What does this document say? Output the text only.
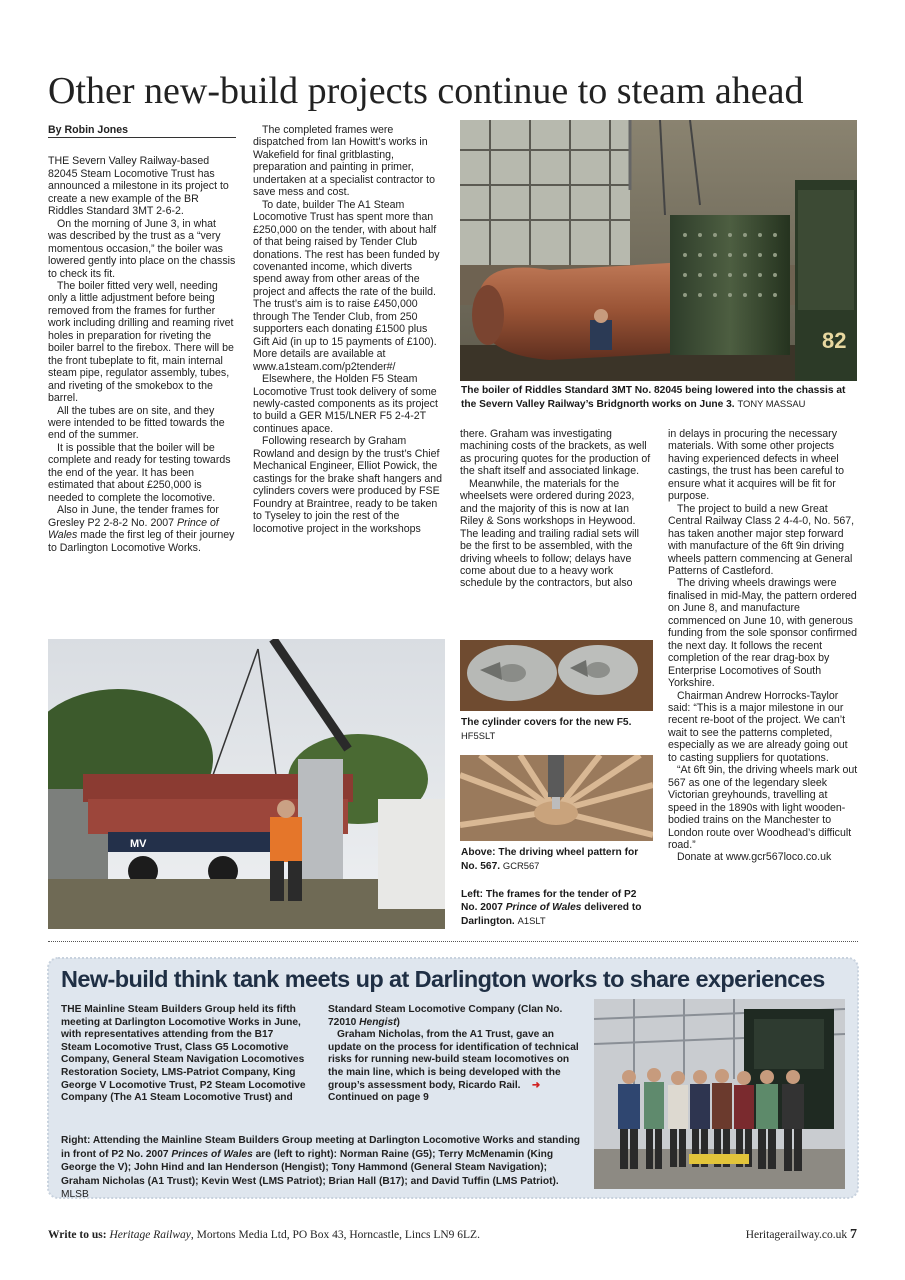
Other new-build projects continue to steam ahead
By Robin Jones

THE Severn Valley Railway-based 82045 Steam Locomotive Trust has announced a milestone in its project to create a new example of the BR Riddles Standard 3MT 2-6-2.

On the morning of June 3, in what was described by the trust as a “very momentous occasion,” the boiler was lowered gently into place on the chassis to check its fit.

The boiler fitted very well, needing only a little adjustment before being removed from the frames for further work including drilling and reaming rivet holes in preparation for riveting the boiler barrel to the firebox. There will be the front tubeplate to fit, main internal steam pipe, regulator assembly, tubes, and riveting of the smokebox to the barrel.

All the tubes are on site, and they were intended to be fitted towards the end of the summer.

It is possible that the boiler will be complete and ready for testing towards the end of the year. It has been estimated that about £250,000 is needed to complete the locomotive.

Also in June, the tender frames for Gresley P2 2-8-2 No. 2007 Prince of Wales made the first leg of their journey to Darlington Locomotive Works.

The completed frames were dispatched from Ian Howitt’s works in Wakefield for final gritblasting, preparation and painting in primer, undertaken at a specialist contractor to save mess and cost.

To date, builder The A1 Steam Locomotive Trust has spent more than £250,000 on the tender, with about half of that being raised by Tender Club donations. The rest has been funded by covenanted income, which diverts spend away from other areas of the project and affects the rate of the build. The trust’s aim is to raise £450,000 through The Tender Club, from 250 supporters each donating £1500 plus Gift Aid (in up to 15 payments of £100). More details are available at www.a1steam.com/p2tender#/

Elsewhere, the Holden F5 Steam Locomotive Trust took delivery of some newly-casted components as its project to build a GER M15/LNER F5 2-4-2T continues apace.

Following research by Graham Rowland and design by the trust’s Chief Mechanical Engineer, Elliot Powick, the castings for the brake shaft hangers and cylinders covers were produced by FSE Foundry at Braintree, ready to be taken to Tyseley to join the rest of the locomotive project in the workshops

82
The boiler of Riddles Standard 3MT No. 82045 being lowered into the chassis at the Severn Valley Railway’s Bridgnorth works on June 3. TONY MASSAU

there. Graham was investigating machining costs of the brackets, as well as procuring quotes for the production of the shaft itself and associated linkage.

Meanwhile, the materials for the wheelsets were ordered during 2023, and the majority of this is now at Ian Riley & Sons workshops in Heywood. The leading and trailing radial sets will be the first to be assembled, with the driving wheels to follow; delays have come about due to a heavy work schedule by the contractors, but also

in delays in procuring the necessary materials. With some other projects having experienced defects in wheel castings, the trust has been careful to ensure what it acquires will be fit for purpose.

The project to build a new Great Central Railway Class 2 4-4-0, No. 567, has taken another major step forward with manufacture of the 6ft 9in driving wheels pattern commencing at General Patterns of Castleford.

The driving wheels drawings were finalised in mid-May, the pattern ordered on June 8, and manufacture commenced on June 10, with generous funding from the sole sponsor confirmed the next day. It follows the recent completion of the rear drag-box by Enterprise Locomotives of South Yorkshire.

Chairman Andrew Horrocks-Taylor said: “This is a major milestone in our recent re-boot of the project. We can’t wait to see the patterns completed, especially as we are already going out to casting suppliers for quotations.

“At 6ft 9in, the driving wheels mark out 567 as one of the legendary sleek Victorian greyhounds, travelling at speed in the 1890s with light wooden-bodied trains on the Manchester to London route over Woodhead’s difficult road.”

Donate at www.gcr567loco.co.uk

MV
The cylinder covers for the new F5.
HF5SLT
Above: The driving wheel pattern for No. 567. GCR567
Left: The frames for the tender of P2 No. 2007 Prince of Wales delivered to Darlington. A1SLT
New-build think tank meets up at Darlington works to share experiences

THE Mainline Steam Builders Group held its fifth meeting at Darlington Locomotive Works in June, with representatives attending from the B17 Steam Locomotive Trust, Class G5 Locomotive Company, General Steam Navigation Locomotives Restoration Society, LMS-Patriot Company, King George V Locomotive Trust, P2 Steam Locomotive Company (The A1 Steam Locomotive Trust) and

Standard Steam Locomotive Company (Clan No. 72010 Hengist)

Graham Nicholas, from the A1 Trust, gave an update on the process for identification of technical risks for running new-build steam locomotives on the main line, which is being developed with the group’s assessment body, Ricardo Rail. ➜ Continued on page 9

Right: Attending the Mainline Steam Builders Group meeting at Darlington Locomotive Works and standing in front of P2 No. 2007 Princes of Wales are (left to right): Norman Raine (G5); Terry McMenamin (King George the V); John Hind and Ian Henderson (Hengist); Tony Hammond (General Steam Navigation); Graham Nicholas (A1 Trust); Kevin West (LMS Patriot); Brian Hall (B17); and David Tuffin (LMS Patriot). MLSB

Write to us: Heritage Railway, Mortons Media Ltd, PO Box 43, Horncastle, Lincs LN9 6LZ.	Heritagerailway.co.uk 7
